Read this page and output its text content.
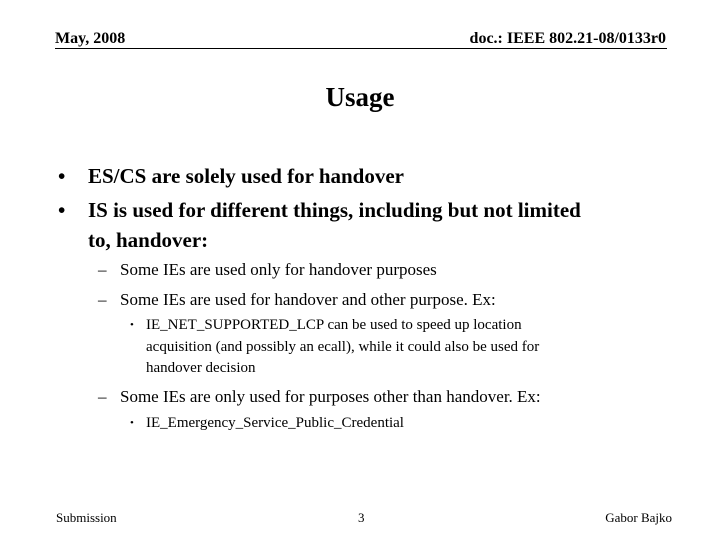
May, 2008	doc.: IEEE 802.21-08/0133r0
Usage
• ES/CS are solely used for handover
• IS is used for different things, including but not limited
to, handover:
– Some IEs are used only for handover purposes
– Some IEs are used for handover and other purpose. Ex:
• IE_NET_SUPPORTED_LCP can be used to speed up location
acquisition (and possibly an ecall), while it could also be used for
handover decision
– Some IEs are only used for purposes other than handover. Ex:
• IE_Emergency_Service_Public_Credential
Submission	3	Gabor Bajko
